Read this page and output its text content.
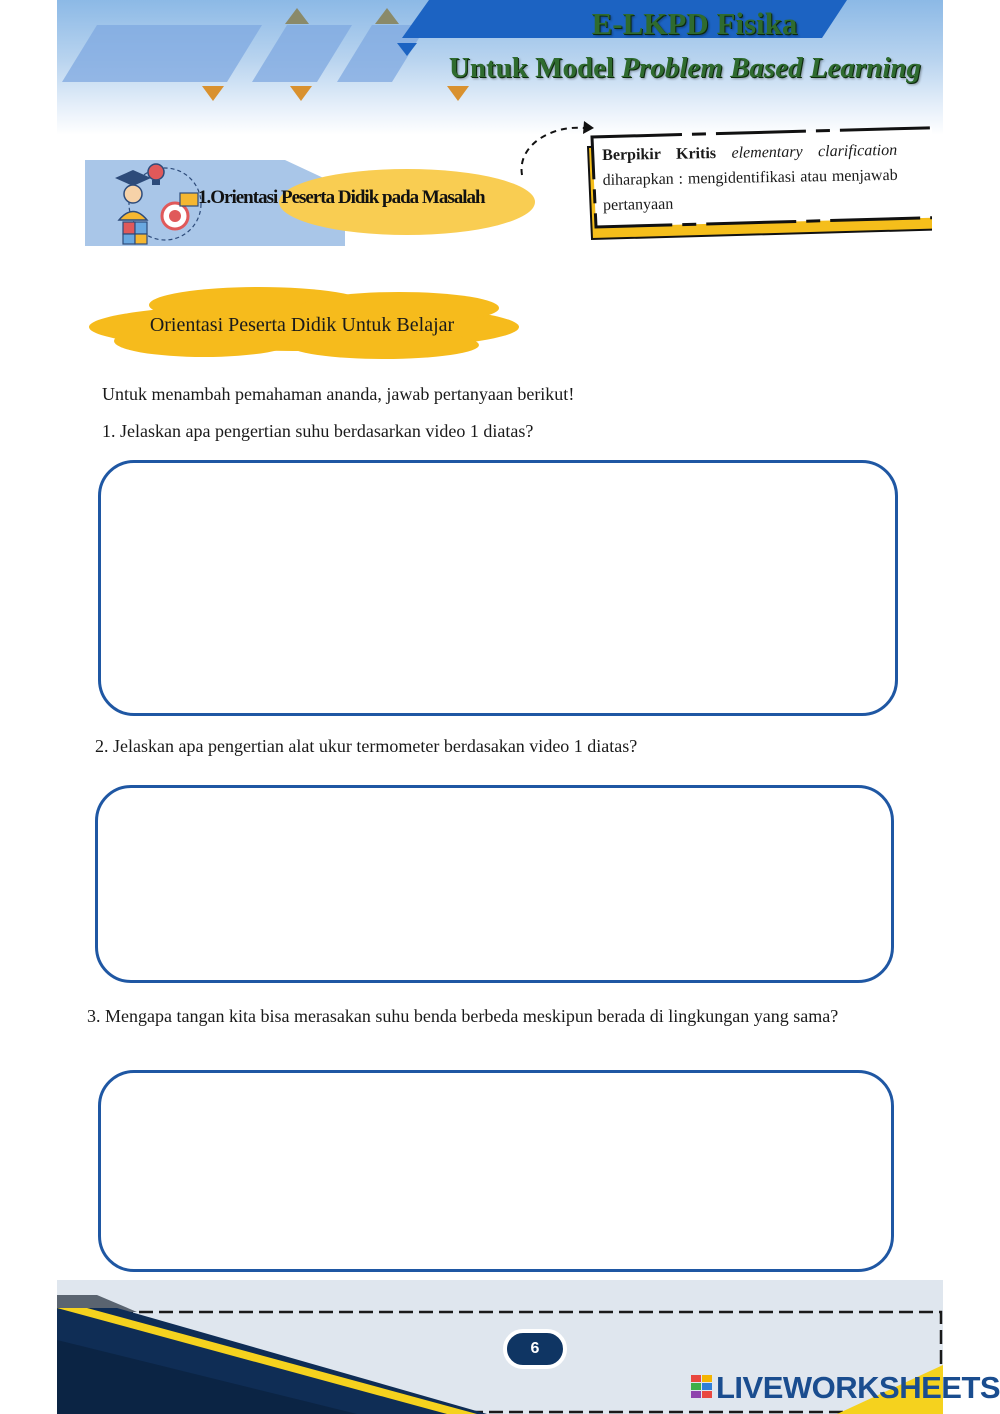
E-LKPD Fisika
Untuk Model Problem Based Learning
1.Orientasi Peserta Didik pada Masalah
Berpikir Kritis elementary clarification diharapkan : mengidentifikasi atau menjawab pertanyaan
Orientasi Peserta Didik Untuk Belajar
Untuk menambah pemahaman ananda, jawab pertanyaan berikut!
1. Jelaskan apa pengertian suhu berdasarkan video 1 diatas?
2. Jelaskan apa pengertian alat ukur termometer berdasakan video 1 diatas?
3. Mengapa tangan kita bisa merasakan suhu benda berbeda meskipun berada di lingkungan yang sama?
6
LIVEWORKSHEETS
